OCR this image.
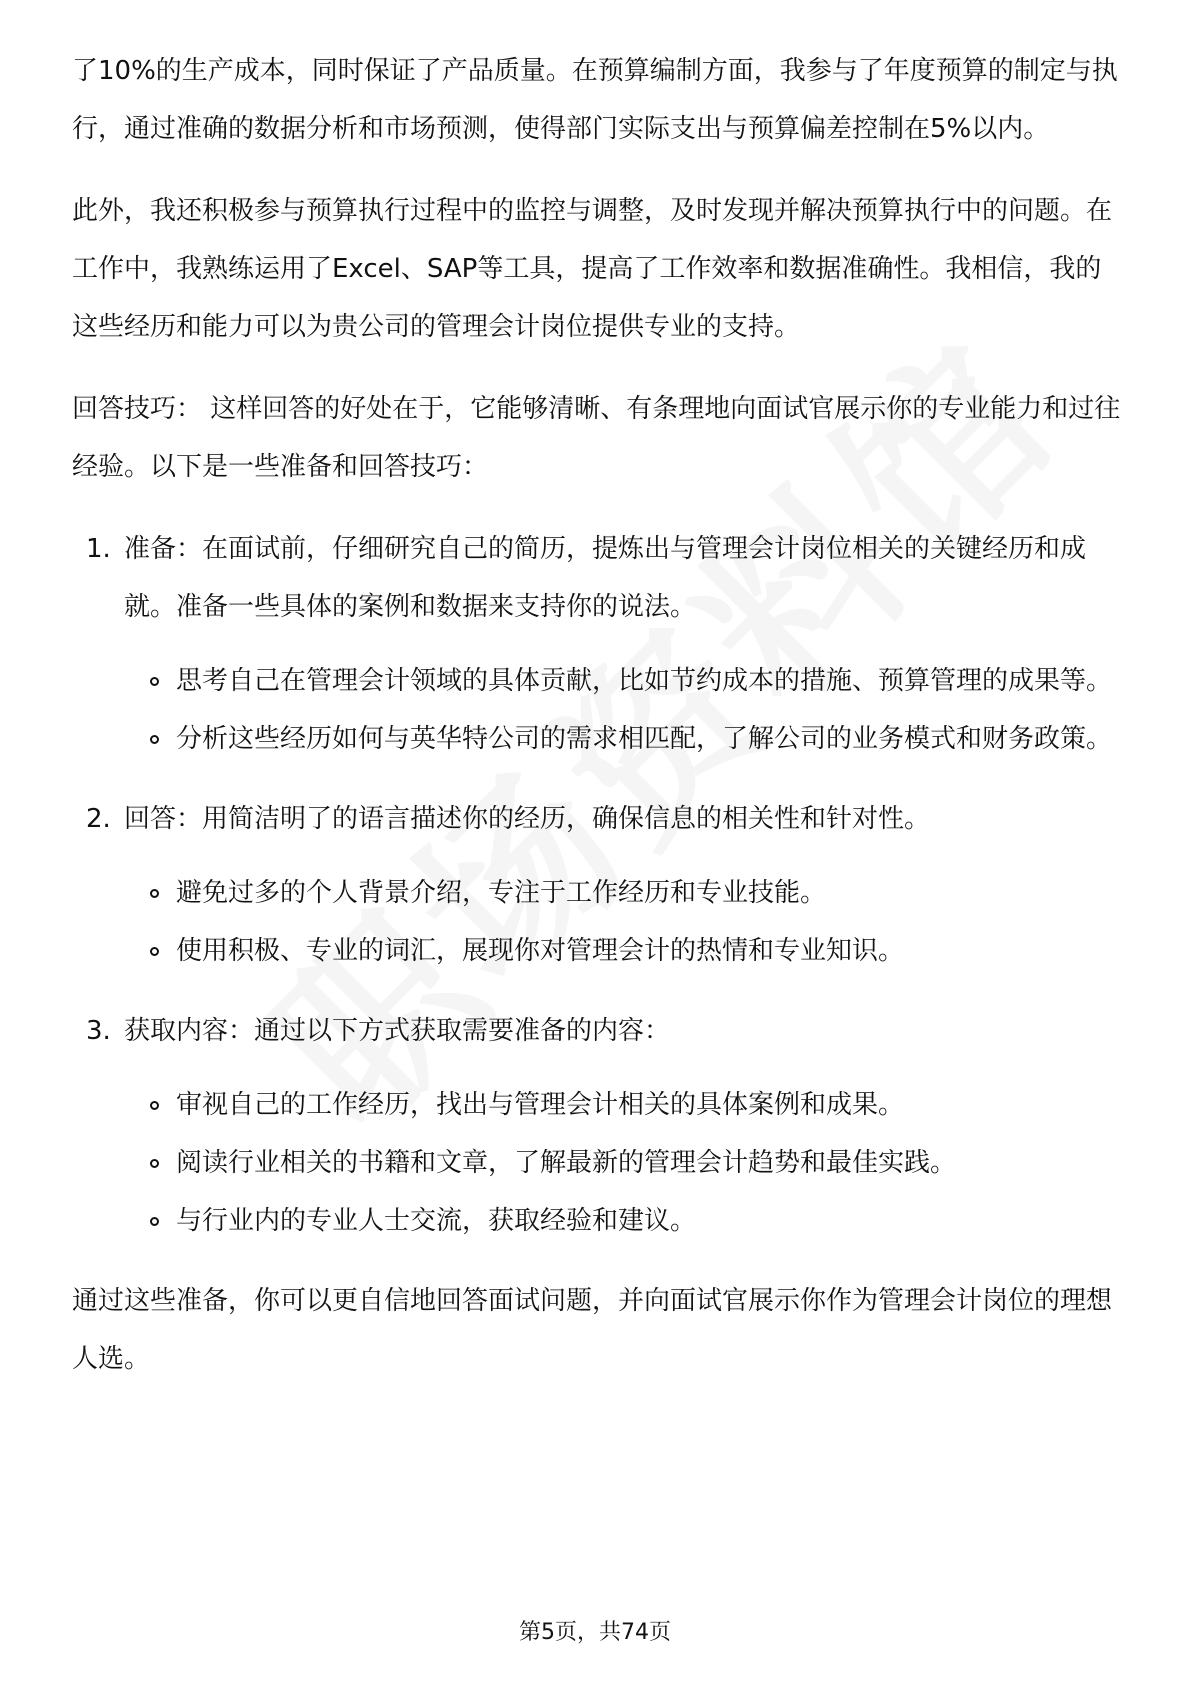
了10%的生产成本，同时保证了产品质量。在预算编制方面，我参与了年度预算的制定与执行，通过准确的数据分析和市场预测，使得部门实际支出与预算偏差控制在5%以内。

此外，我还积极参与预算执行过程中的监控与调整，及时发现并解决预算执行中的问题。在工作中，我熟练运用了Excel、SAP等工具，提高了工作效率和数据准确性。我相信，我的这些经历和能力可以为贵公司的管理会计岗位提供专业的支持。

回答技巧： 这样回答的好处在于，它能够清晰、有条理地向面试官展示你的专业能力和过往经验。以下是一些准备和回答技巧：

1. 准备：在面试前，仔细研究自己的简历，提炼出与管理会计岗位相关的关键经历和成就。准备一些具体的案例和数据来支持你的说法。
思考自己在管理会计领域的具体贡献，比如节约成本的措施、预算管理的成果等。
分析这些经历如何与英华特公司的需求相匹配，了解公司的业务模式和财务政策。
2. 回答：用简洁明了的语言描述你的经历，确保信息的相关性和针对性。
避免过多的个人背景介绍，专注于工作经历和专业技能。
使用积极、专业的词汇，展现你对管理会计的热情和专业知识。
3. 获取内容：通过以下方式获取需要准备的内容：
审视自己的工作经历，找出与管理会计相关的具体案例和成果。
阅读行业相关的书籍和文章，了解最新的管理会计趋势和最佳实践。
与行业内的专业人士交流，获取经验和建议。

通过这些准备，你可以更自信地回答面试问题，并向面试官展示你作为管理会计岗位的理想人选。

第5页，共74页
